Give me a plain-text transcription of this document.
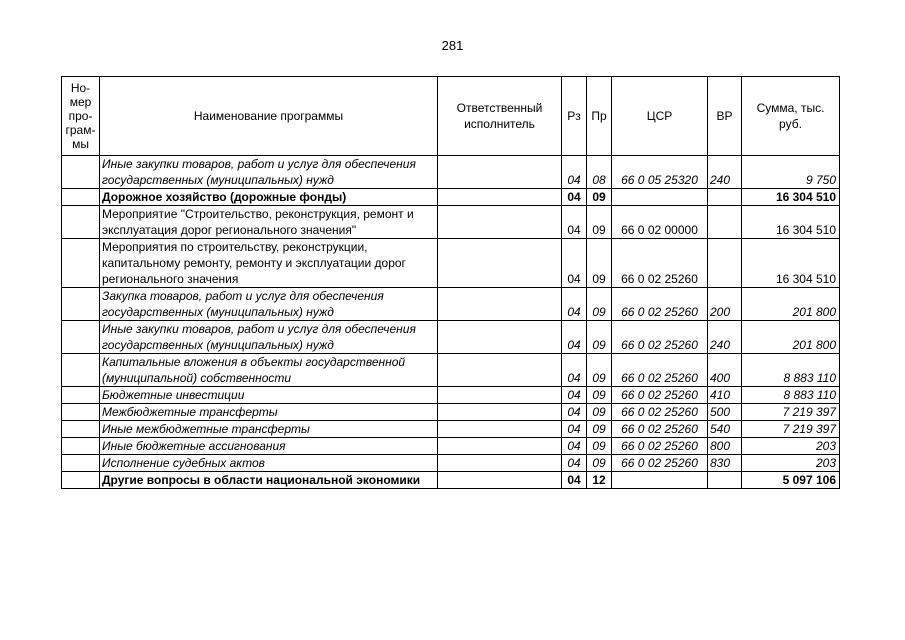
281
Но-мер про-грам-мы	Наименование программы	Ответственный исполнитель	Рз	Пр	ЦСР	ВР	Сумма, тыс. руб.
	Иные закупки товаров, работ и услуг для обеспечения государственных (муниципальных) нужд		04	08	66 0 05 25320	240	9 750
	Дорожное хозяйство (дорожные фонды)		04	09			16 304 510
	Мероприятие "Строительство, реконструкция, ремонт и эксплуатация дорог регионального значения"		04	09	66 0 02 00000		16 304 510
	Мероприятия по строительству, реконструкции, капитальному ремонту, ремонту и эксплуатации дорог регионального значения		04	09	66 0 02 25260		16 304 510
	Закупка товаров, работ и услуг для обеспечения государственных (муниципальных) нужд		04	09	66 0 02 25260	200	201 800
	Иные закупки товаров, работ и услуг для обеспечения государственных (муниципальных) нужд		04	09	66 0 02 25260	240	201 800
	Капитальные вложения в объекты государственной (муниципальной) собственности		04	09	66 0 02 25260	400	8 883 110
	Бюджетные инвестиции		04	09	66 0 02 25260	410	8 883 110
	Межбюджетные трансферты		04	09	66 0 02 25260	500	7 219 397
	Иные межбюджетные трансферты		04	09	66 0 02 25260	540	7 219 397
	Иные бюджетные ассигнования		04	09	66 0 02 25260	800	203
	Исполнение судебных актов		04	09	66 0 02 25260	830	203
	Другие вопросы в области национальной экономики		04	12			5 097 106
